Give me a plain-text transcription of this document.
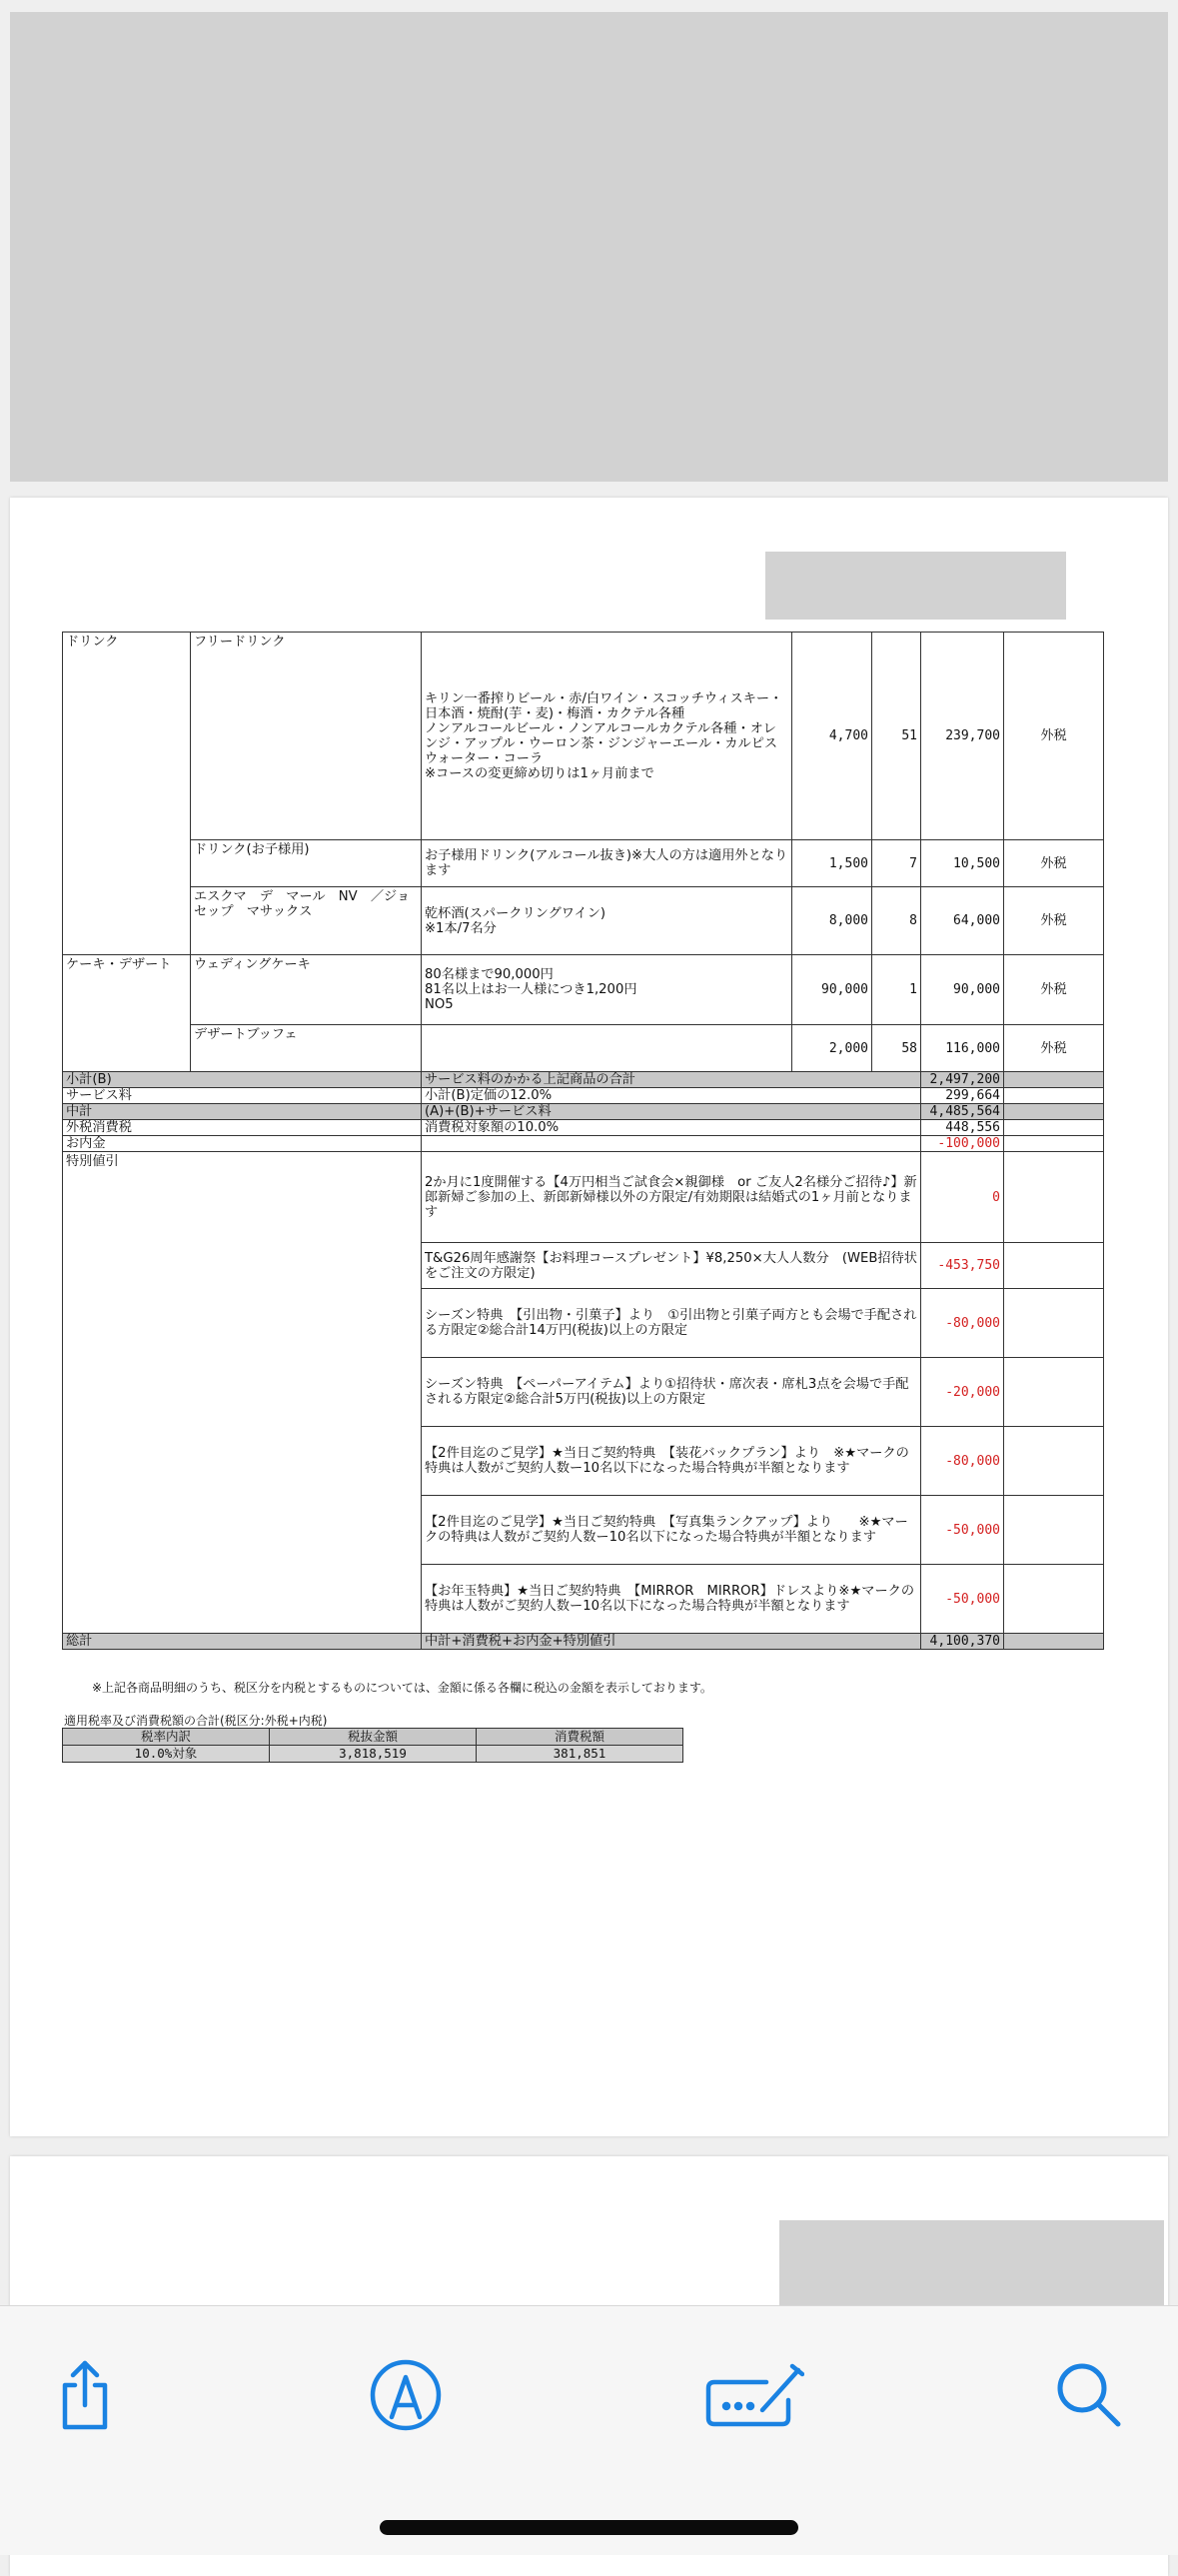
ドリンク	フリードリンク	キリン一番搾りビール・赤/白ワイン・スコッチウィスキー・日本酒・焼酎(芋・麦)・梅酒・カクテル各種
ノンアルコールビール・ノンアルコールカクテル各種・オレンジ・アップル・ウーロン茶・ジンジャーエール・カルピスウォーター・コーラ
※コースの変更締め切りは1ヶ月前まで	4,700	51	239,700	外税
	ドリンク(お子様用)	お子様用ドリンク(アルコール抜き)※大人の方は適用外となります	1,500	7	10,500	外税
	エスクマ　デ　マール　NV　／ジョセップ　マサックス	乾杯酒(スパークリングワイン)
※1本/7名分	8,000	8	64,000	外税
ケーキ・デザート	ウェディングケーキ	80名様まで90,000円
81名以上はお一人様につき1,200円
NO5	90,000	1	90,000	外税
	デザートブッフェ		2,000	58	116,000	外税
小計(B)		サービス料のかかる上記商品の合計			2,497,200	
サービス料		小計(B)定価の12.0%			299,664	
中計		(A)+(B)+サービス料			4,485,564	
外税消費税		消費税対象額の10.0%			448,556	
お内金					-100,000	
特別値引		2か月に1度開催する【4万円相当ご試食会×親御様　or ご友人2名様分ご招待♪】新郎新婦ご参加の上、新郎新婦様以外の方限定/有効期限は結婚式の1ヶ月前となります			0	
		T&G26周年感謝祭【お料理コースプレゼント】¥8,250×大人人数分　(WEB招待状をご注文の方限定)			-453,750	
		シーズン特典　【引出物・引菓子】より　①引出物と引菓子両方とも会場で手配される方限定②総合計14万円(税抜)以上の方限定			-80,000	
		シーズン特典　【ペーパーアイテム】より①招待状・席次表・席札3点を会場で手配される方限定②総合計5万円(税抜)以上の方限定			-20,000	
		【2件目迄のご見学】★当日ご契約特典　【装花バックプラン】より　※★マークの特典は人数がご契約人数ー10名以下になった場合特典が半額となります			-80,000	
		【2件目迄のご見学】★当日ご契約特典　【写真集ランクアップ】より　　※★マークの特典は人数がご契約人数ー10名以下になった場合特典が半額となります			-50,000	
		【お年玉特典】★当日ご契約特典　【MIRROR　MIRROR】ドレスより※★マークの特典は人数がご契約人数ー10名以下になった場合特典が半額となります			-50,000	
総計		中計+消費税+お内金+特別値引			4,100,370	
※上記各商品明細のうち、税区分を内税とするものについては、金額に係る各欄に税込の金額を表示しております。
適用税率及び消費税額の合計(税区分:外税+内税)
税率内訳	税抜金額	消費税額
10.0%対象	3,818,519	381,851
